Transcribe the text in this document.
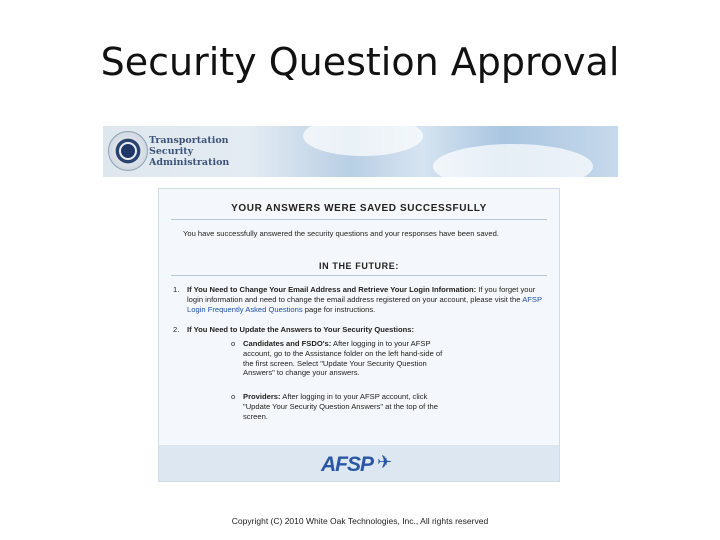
Security Question Approval
Transportation
Security
Administration
YOUR ANSWERS WERE SAVED SUCCESSFULLY
You have successfully answered the security questions and your responses have been saved.
IN THE FUTURE:
1. If You Need to Change Your Email Address and Retrieve Your Login Information: If you forget your login information and need to change the email address registered on your account, please visit the AFSP Login Frequently Asked Questions page for instructions.
2. If You Need to Update the Answers to Your Security Questions:
o Candidates and FSDO's: After logging in to your AFSP account, go to the Assistance folder on the left hand-side of the first screen. Select "Update Your Security Question Answers" to change your answers.
o Providers: After logging in to your AFSP account, click "Update Your Security Question Answers" at the top of the screen.
AFSP ✈
Copyright (C) 2010 White Oak Technologies, Inc., All rights reserved
